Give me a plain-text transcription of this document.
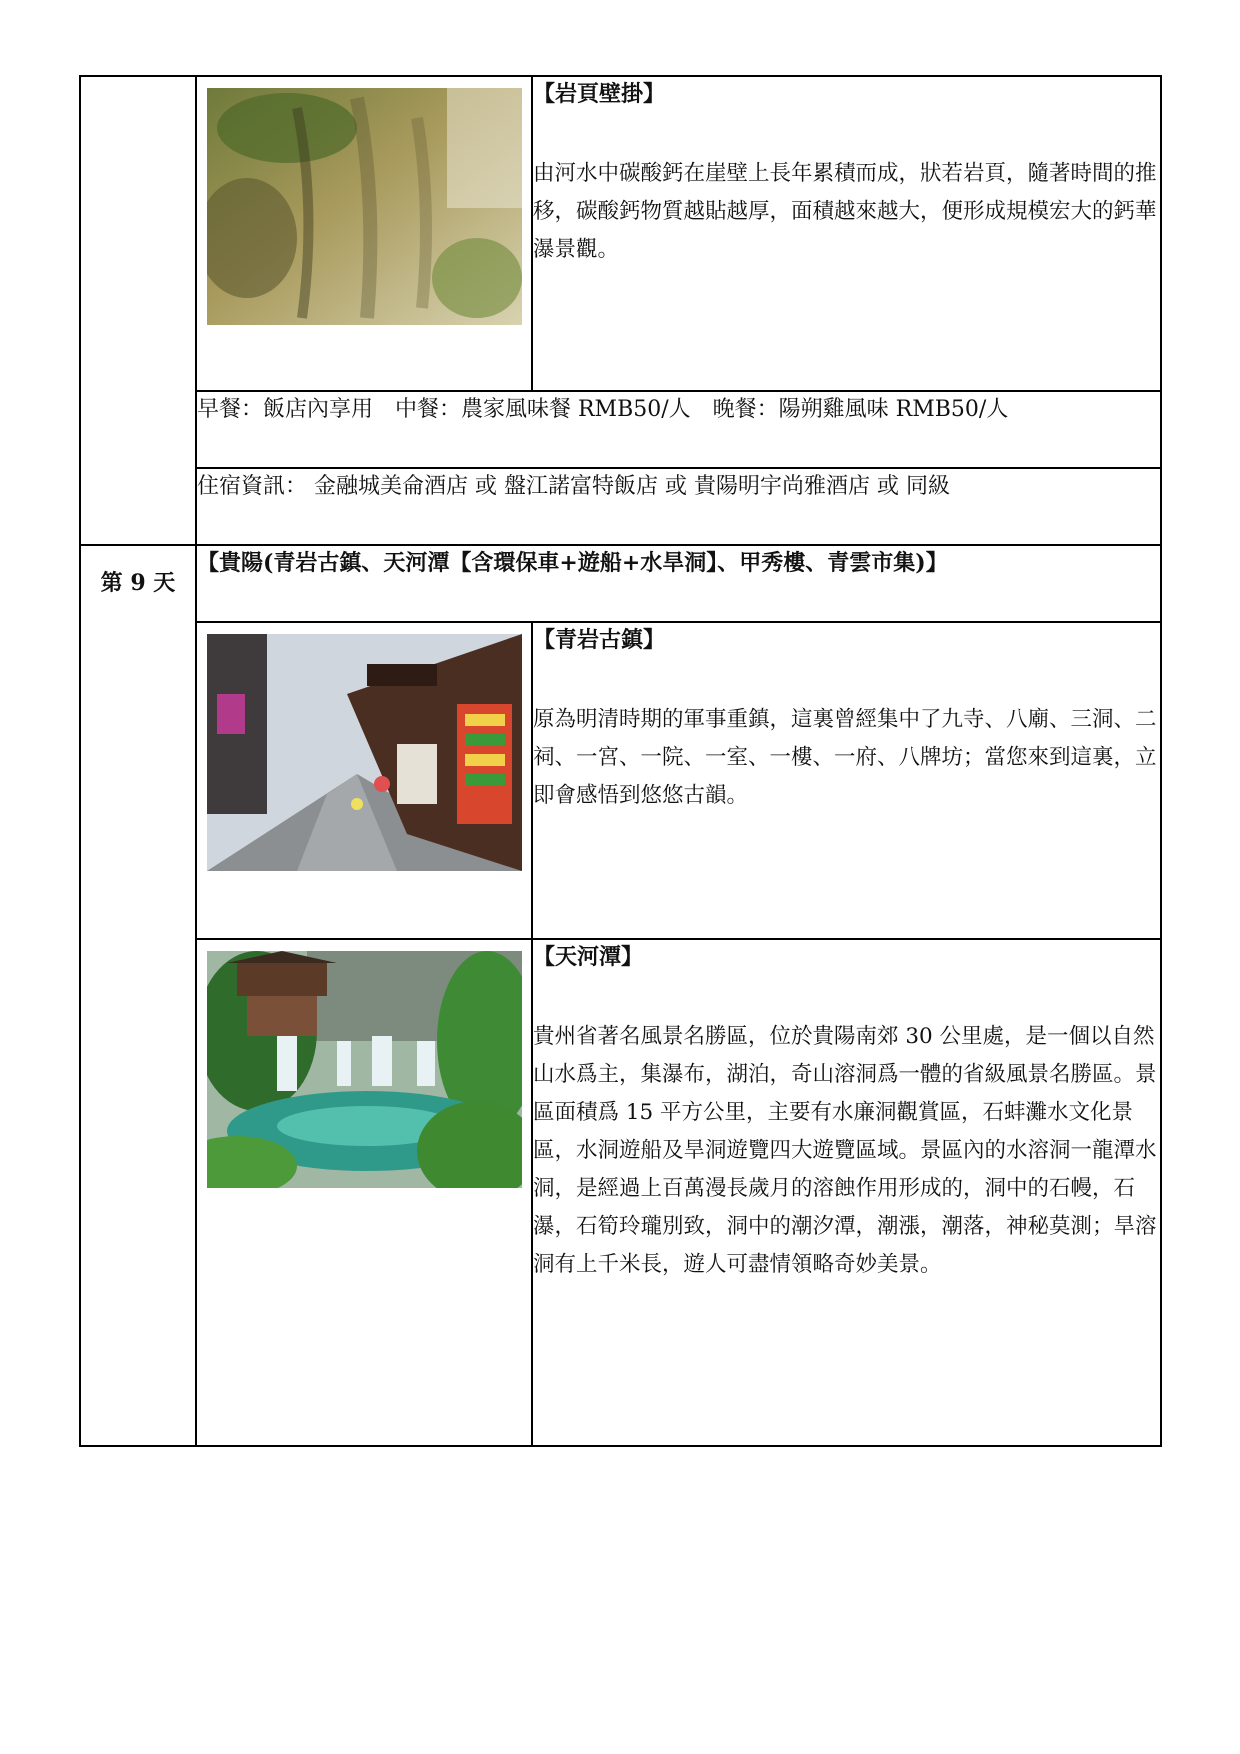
【岩頁壁掛】
由河水中碳酸鈣在崖壁上長年累積而成，狀若岩頁，隨著時間的推移，碳酸鈣物質越貼越厚，面積越來越大，便形成規模宏大的鈣華瀑景觀。

	早餐：飯店內享用　中餐：農家風味餐 RMB50/人　晚餐：陽朔雞風味 RMB50/人	
	住宿資訊： 金融城美侖酒店 或 盤江諾富特飯店 或 貴陽明宇尚雅酒店 或 同級	

第 9 天	【貴陽(青岩古鎮、天河潭【含環保車+遊船+水旱洞】、甲秀樓、青雲市集)】	

【青岩古鎮】
原為明清時期的軍事重鎮，這裏曾經集中了九寺、八廟、三洞、二祠、一宮、一院、一室、一樓、一府、八牌坊；當您來到這裏，立即會感悟到悠悠古韻。

【天河潭】
貴州省著名風景名勝區，位於貴陽南郊 30 公里處，是一個以自然山水爲主，集瀑布，湖泊，奇山溶洞爲一體的省級風景名勝區。景區面積爲 15 平方公里，主要有水廉洞觀賞區，石蚌灘水文化景區，水洞遊船及旱洞遊覽四大遊覽區域。景區內的水溶洞一龍潭水洞，是經過上百萬漫長歲月的溶蝕作用形成的，洞中的石幔，石瀑，石筍玲瓏別致，洞中的潮汐潭，潮漲，潮落，神秘莫測；旱溶洞有上千米長，遊人可盡情領略奇妙美景。
